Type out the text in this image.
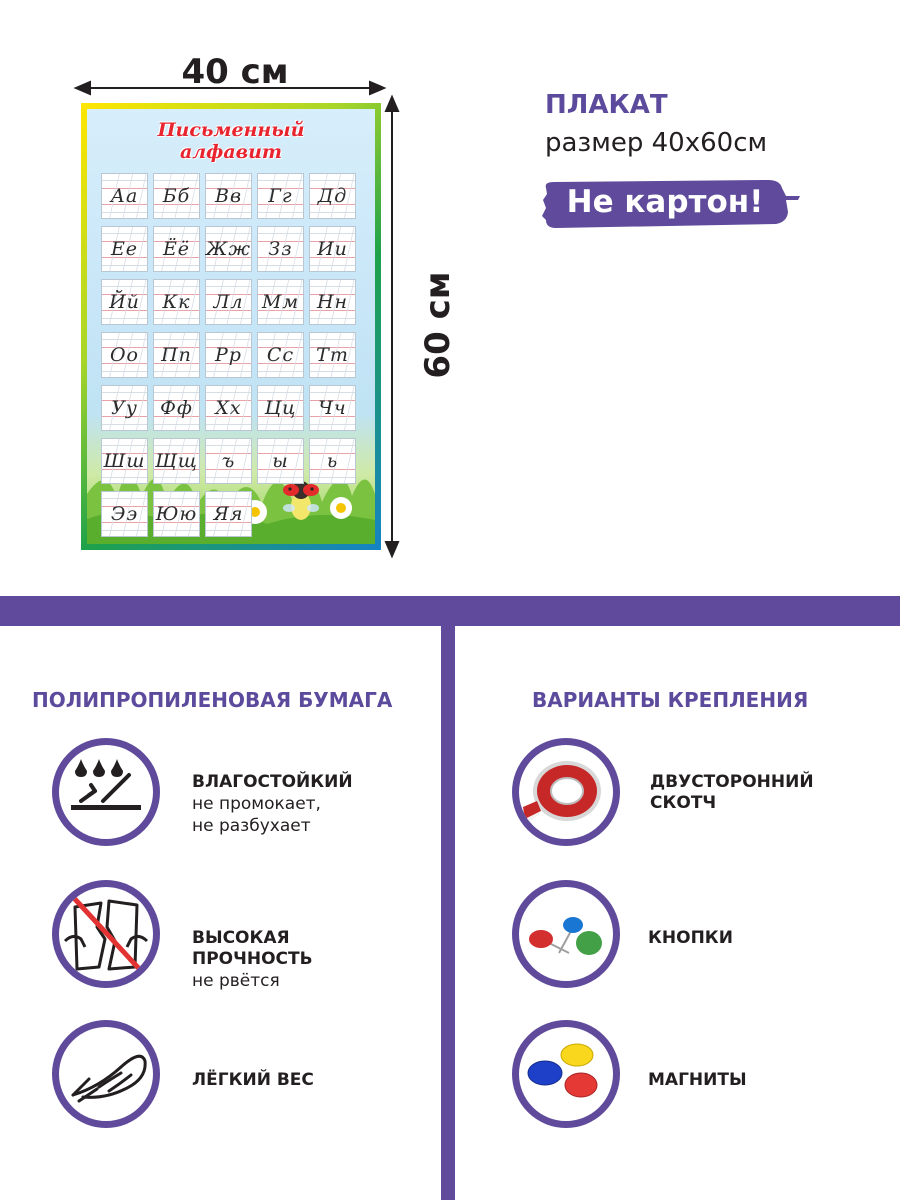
40 см
60 см
Письменный
алфавит
Аа Бб Вв Гг Дд
Ее Ёё Жж Зз Ии
Йй Кк Лл Мм Нн
Оо Пп Рр Сс Тт
Уу Фф Хх Цц Чч
Шш Щщ ъ ы ь
Ээ Юю Яя
ПЛАКАТ
размер 40х60см
Не картон!
ПОЛИПРОПИЛЕНОВАЯ БУМАГА
ВЛАГОСТОЙКИЙ
не промокает,
не разбухает
ВЫСОКАЯ
ПРОЧНОСТЬ
не рвётся
ЛЁГКИЙ ВЕС
ВАРИАНТЫ КРЕПЛЕНИЯ
ДВУСТОРОННИЙ
СКОТЧ
КНОПКИ
МАГНИТЫ
